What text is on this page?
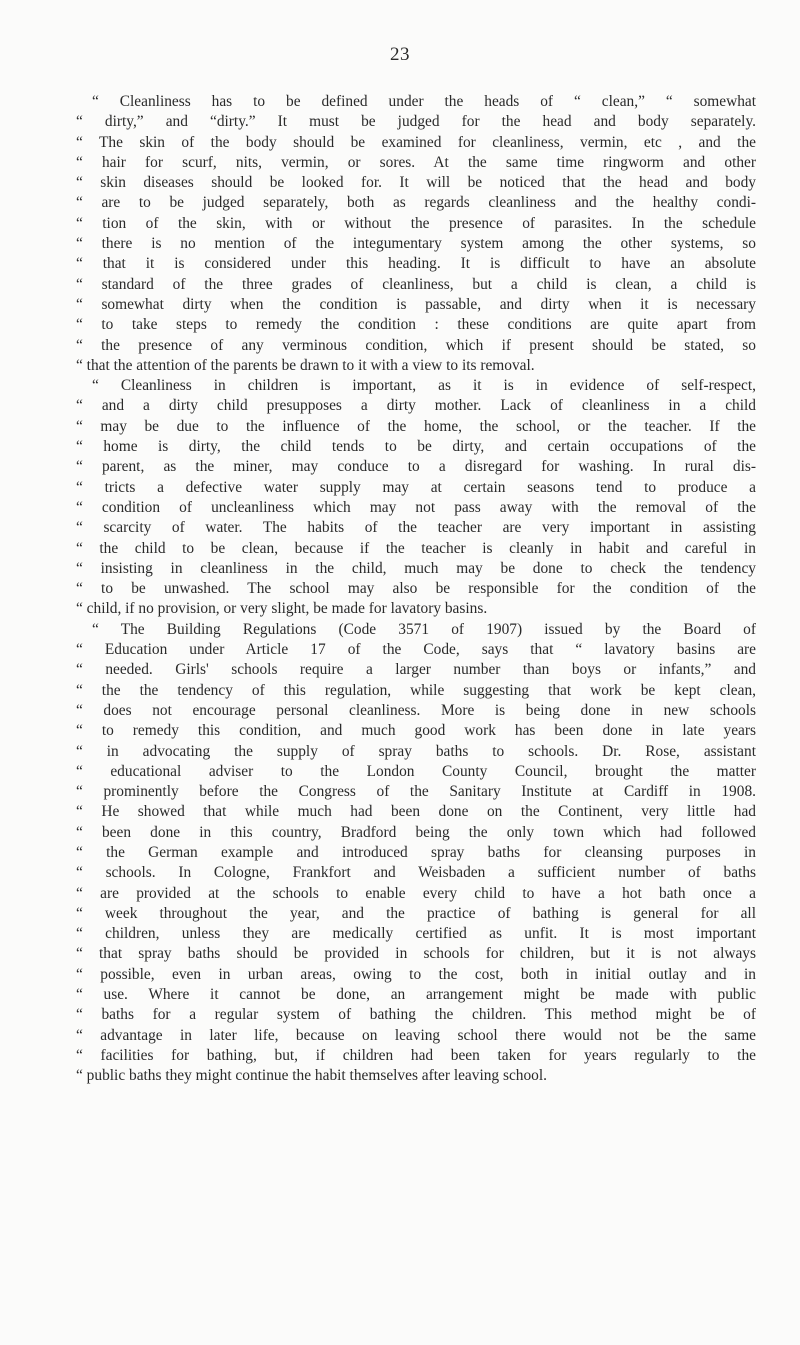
23
“ Cleanliness has to be defined under the heads of “ clean,” “ somewhat
“ dirty,” and “dirty.” It must be judged for the head and body separately.
“ The skin of the body should be examined for cleanliness, vermin, etc , and the
“ hair for scurf, nits, vermin, or sores. At the same time ringworm and other
“ skin diseases should be looked for. It will be noticed that the head and body
“ are to be judged separately, both as regards cleanliness and the healthy condi-
“ tion of the skin, with or without the presence of parasites. In the schedule
“ there is no mention of the integumentary system among the other systems, so
“ that it is considered under this heading. It is difficult to have an absolute
“ standard of the three grades of cleanliness, but a child is clean, a child is
“ somewhat dirty when the condition is passable, and dirty when it is necessary
“ to take steps to remedy the condition : these conditions are quite apart from
“ the presence of any verminous condition, which if present should be stated, so
“ that the attention of the parents be drawn to it with a view to its removal.
“ Cleanliness in children is important, as it is in evidence of self-respect,
“ and a dirty child presupposes a dirty mother. Lack of cleanliness in a child
“ may be due to the influence of the home, the school, or the teacher. If the
“ home is dirty, the child tends to be dirty, and certain occupations of the
“ parent, as the miner, may conduce to a disregard for washing. In rural dis-
“ tricts a defective water supply may at certain seasons tend to produce a
“ condition of uncleanliness which may not pass away with the removal of the
“ scarcity of water. The habits of the teacher are very important in assisting
“ the child to be clean, because if the teacher is cleanly in habit and careful in
“ insisting in cleanliness in the child, much may be done to check the tendency
“ to be unwashed. The school may also be responsible for the condition of the
“ child, if no provision, or very slight, be made for lavatory basins.
“ The Building Regulations (Code 3571 of 1907) issued by the Board of
“ Education under Article 17 of the Code, says that “ lavatory basins are
“ needed. Girls' schools require a larger number than boys or infants,” and
“ the the tendency of this regulation, while suggesting that work be kept clean,
“ does not encourage personal cleanliness. More is being done in new schools
“ to remedy this condition, and much good work has been done in late years
“ in advocating the supply of spray baths to schools. Dr. Rose, assistant
“ educational adviser to the London County Council, brought the matter
“ prominently before the Congress of the Sanitary Institute at Cardiff in 1908.
“ He showed that while much had been done on the Continent, very little had
“ been done in this country, Bradford being the only town which had followed
“ the German example and introduced spray baths for cleansing purposes in
“ schools. In Cologne, Frankfort and Weisbaden a sufficient number of baths
“ are provided at the schools to enable every child to have a hot bath once a
“ week throughout the year, and the practice of bathing is general for all
“ children, unless they are medically certified as unfit. It is most important
“ that spray baths should be provided in schools for children, but it is not always
“ possible, even in urban areas, owing to the cost, both in initial outlay and in
“ use. Where it cannot be done, an arrangement might be made with public
“ baths for a regular system of bathing the children. This method might be of
“ advantage in later life, because on leaving school there would not be the same
“ facilities for bathing, but, if children had been taken for years regularly to the
“ public baths they might continue the habit themselves after leaving school.
